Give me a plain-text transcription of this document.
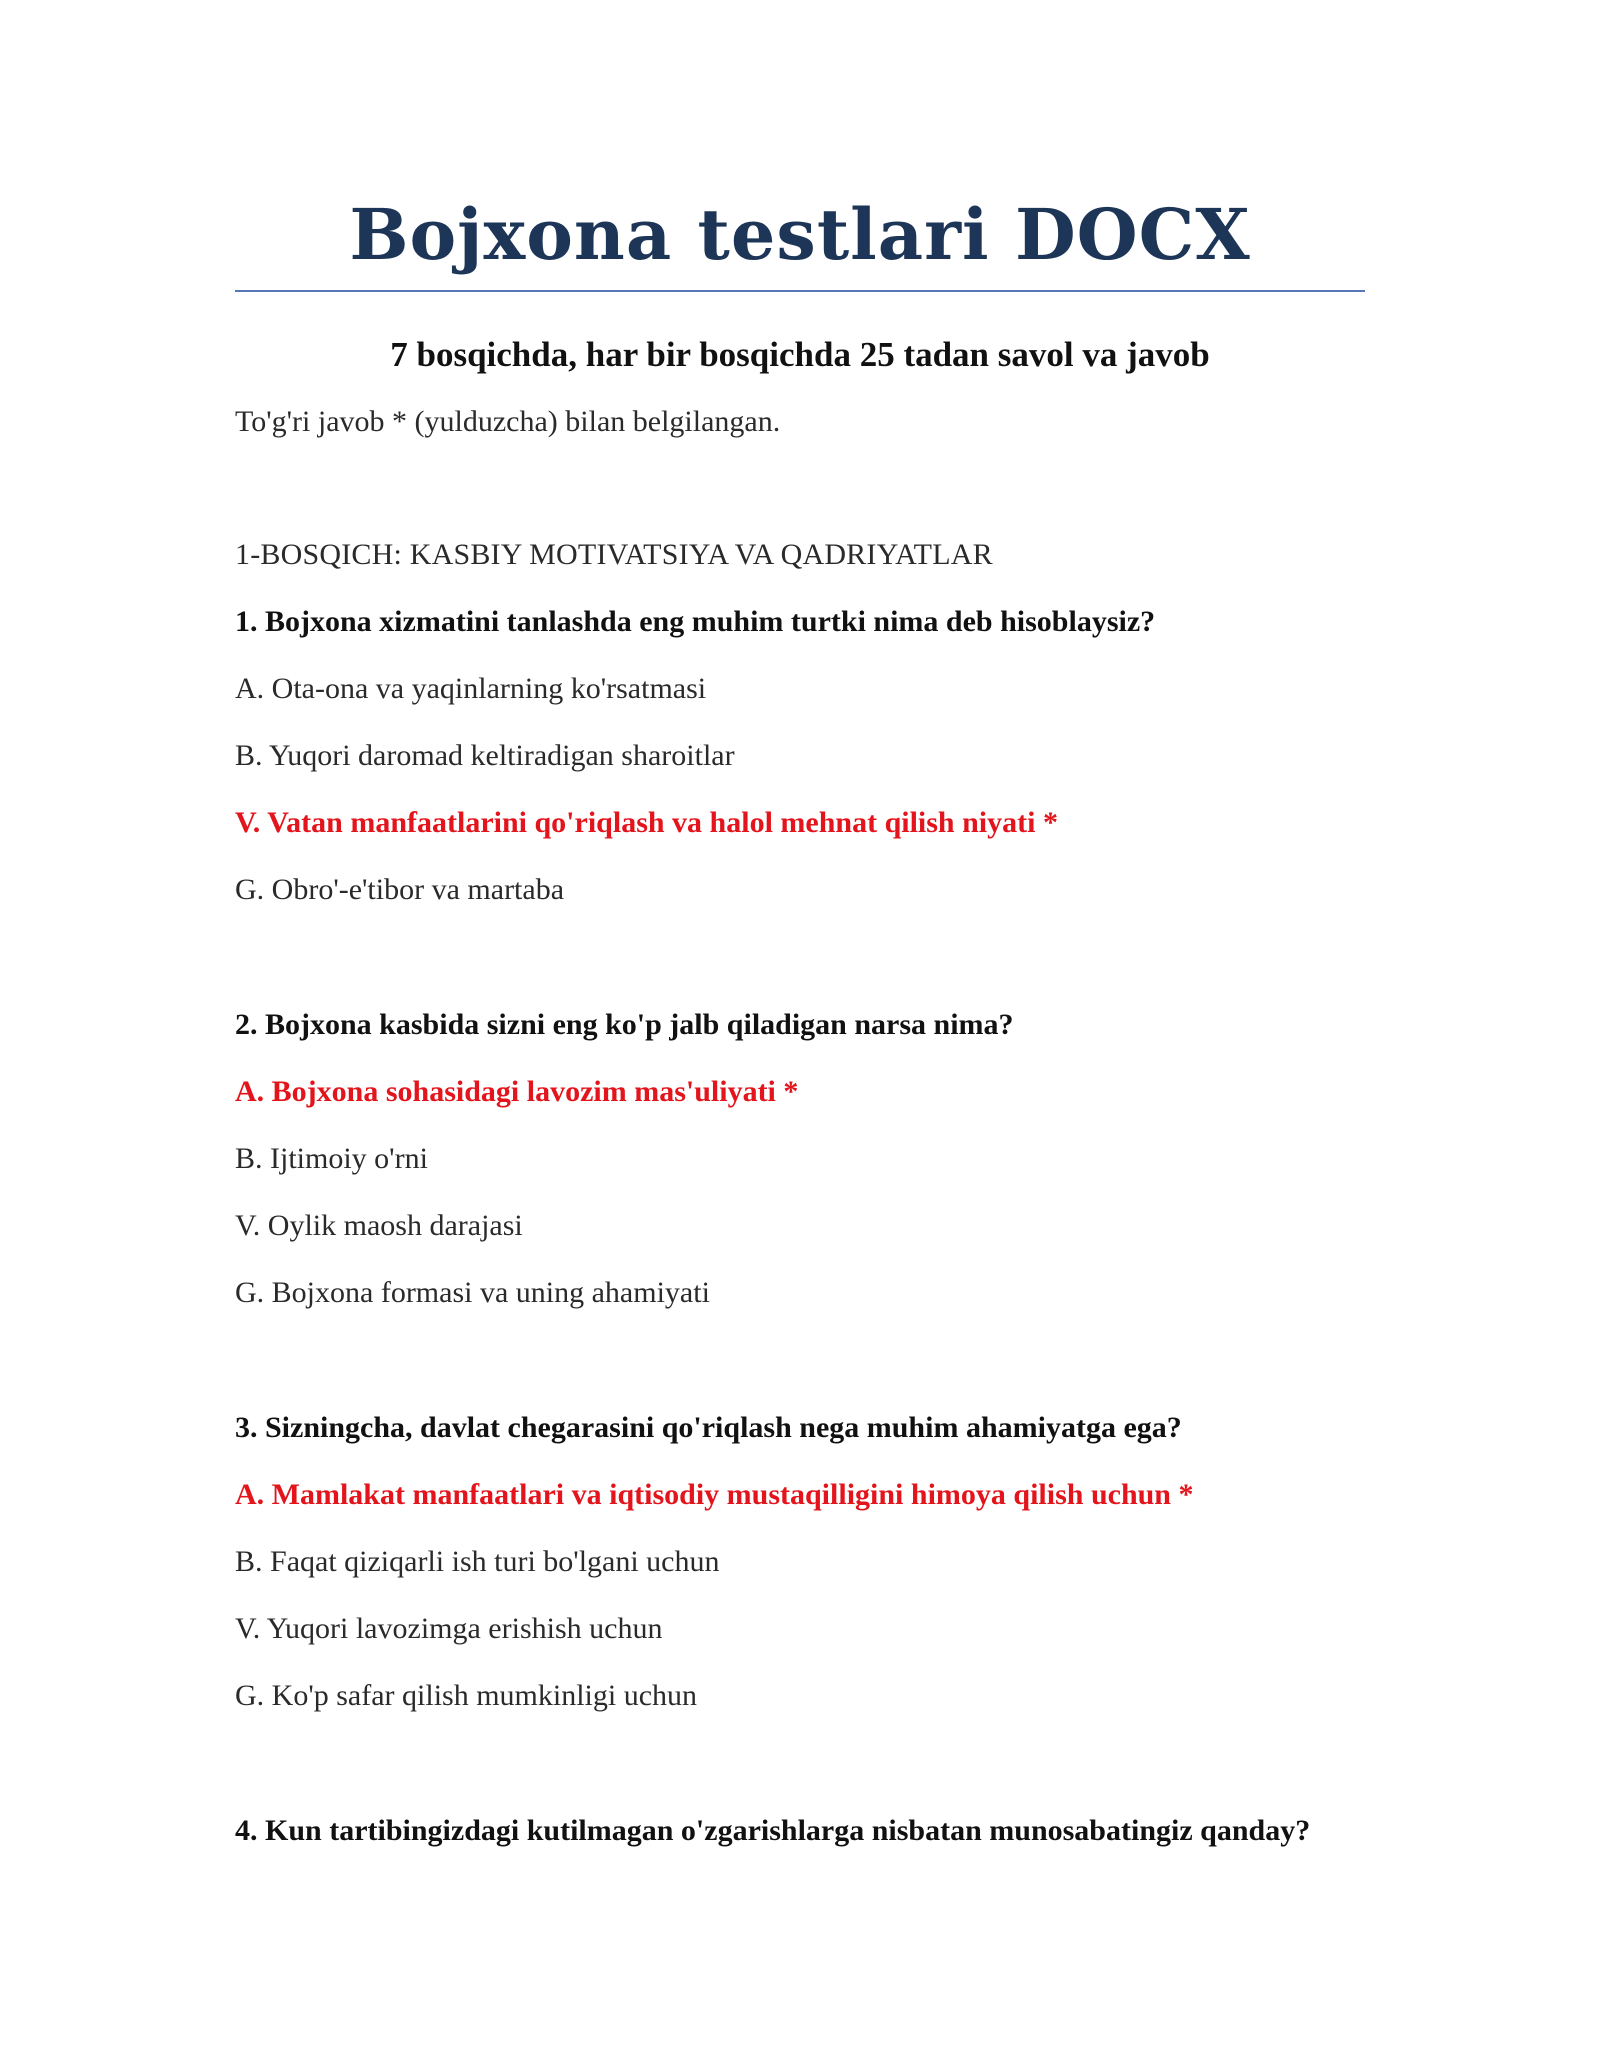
Bojxona testlari DOCX
7 bosqichda, har bir bosqichda 25 tadan savol va javob
To'g'ri javob * (yulduzcha) bilan belgilangan.
1-BOSQICH: KASBIY MOTIVATSIYA VA QADRIYATLAR
1. Bojxona xizmatini tanlashda eng muhim turtki nima deb hisoblaysiz?
A. Ota-ona va yaqinlarning ko'rsatmasi
B. Yuqori daromad keltiradigan sharoitlar
V. Vatan manfaatlarini qo'riqlash va halol mehnat qilish niyati *
G. Obro'-e'tibor va martaba
2. Bojxona kasbida sizni eng ko'p jalb qiladigan narsa nima?
A. Bojxona sohasidagi lavozim mas'uliyati *
B. Ijtimoiy o'rni
V. Oylik maosh darajasi
G. Bojxona formasi va uning ahamiyati
3. Sizningcha, davlat chegarasini qo'riqlash nega muhim ahamiyatga ega?
A. Mamlakat manfaatlari va iqtisodiy mustaqilligini himoya qilish uchun *
B. Faqat qiziqarli ish turi bo'lgani uchun
V. Yuqori lavozimga erishish uchun
G. Ko'p safar qilish mumkinligi uchun
4. Kun tartibingizdagi kutilmagan o'zgarishlarga nisbatan munosabatingiz qanday?
